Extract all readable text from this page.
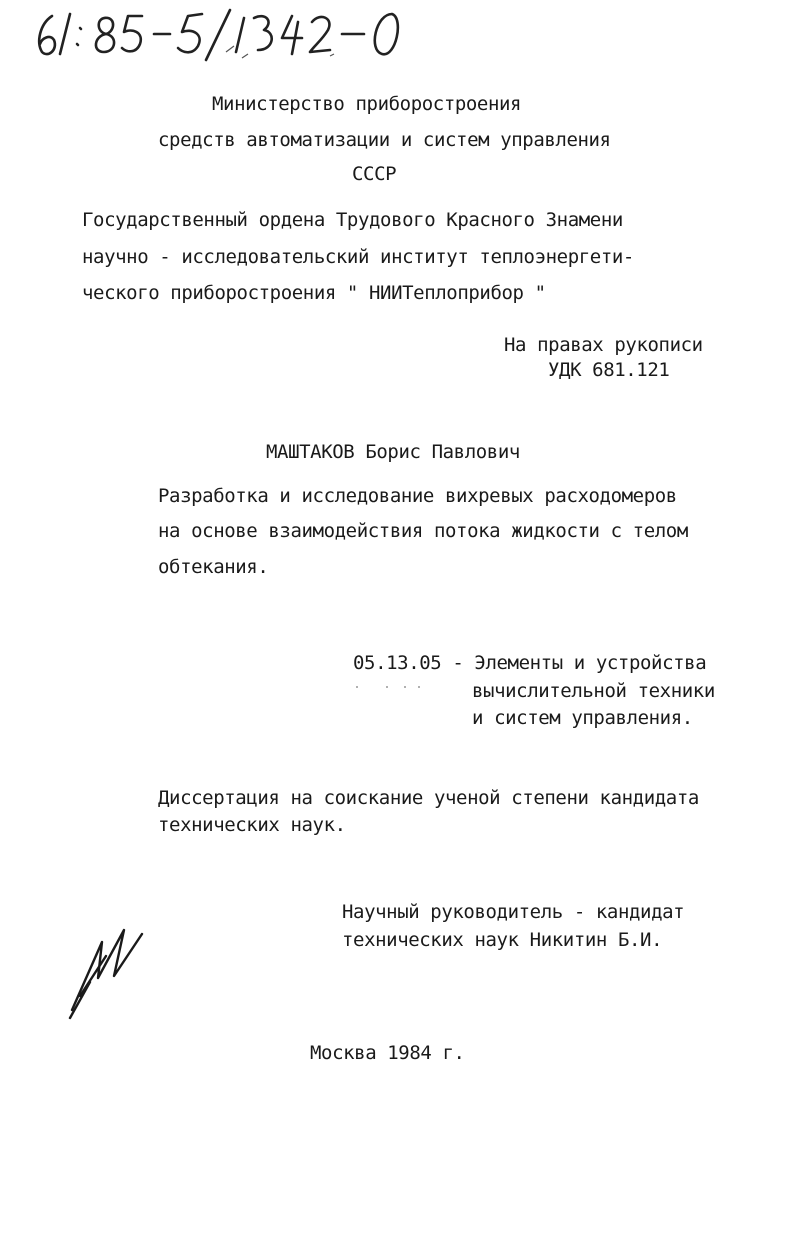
Министерство приборостроения
средств автоматизации и систем управления
СССР
Государственный ордена Трудового Красного Знамени
научно - исследовательский институт теплоэнергети-
ческого приборостроения " НИИТеплоприбор "
На правах рукописи
УДК 681.121
МАШТАКОВ Борис Павлович
Разработка и исследование вихревых расходомеров
на основе взаимодействия потока жидкости с телом
обтекания.
05.13.05 - Элементы и устройства
вычислительной техники
и систем управления.
Диссертация на соискание ученой степени кандидата
технических наук.
Научный руководитель - кандидат
технических наук Никитин Б.И.
Москва 1984 г.
